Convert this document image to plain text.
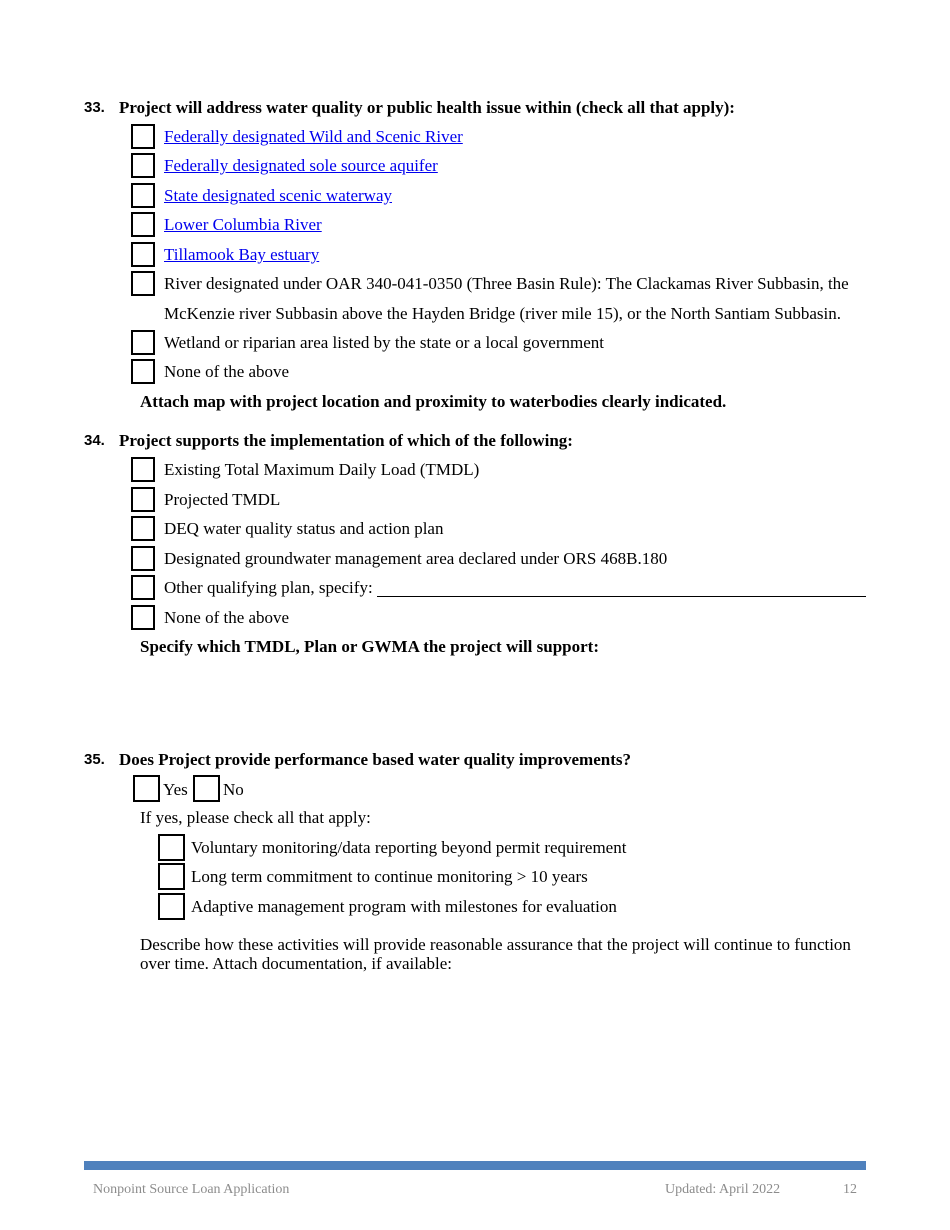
33. Project will address water quality or public health issue within (check all that apply):
Federally designated Wild and Scenic River
Federally designated sole source aquifer
State designated scenic waterway
Lower Columbia River
Tillamook Bay estuary
River designated under OAR 340-041-0350 (Three Basin Rule): The Clackamas River Subbasin, the
McKenzie river Subbasin above the Hayden Bridge (river mile 15), or the North Santiam Subbasin.
Wetland or riparian area listed by the state or a local government
None of the above
Attach map with project location and proximity to waterbodies clearly indicated.
34. Project supports the implementation of which of the following:
Existing Total Maximum Daily Load (TMDL)
Projected TMDL
DEQ water quality status and action plan
Designated groundwater management area declared under ORS 468B.180
Other qualifying plan, specify:
None of the above
Specify which TMDL, Plan or GWMA the project will support:
35. Does Project provide performance based water quality improvements?
Yes No
If yes, please check all that apply:
Voluntary monitoring/data reporting beyond permit requirement
Long term commitment to continue monitoring > 10 years
Adaptive management program with milestones for evaluation
Describe how these activities will provide reasonable assurance that the project will continue to function
over time. Attach documentation, if available:
Nonpoint Source Loan Application	Updated: April 2022	12
